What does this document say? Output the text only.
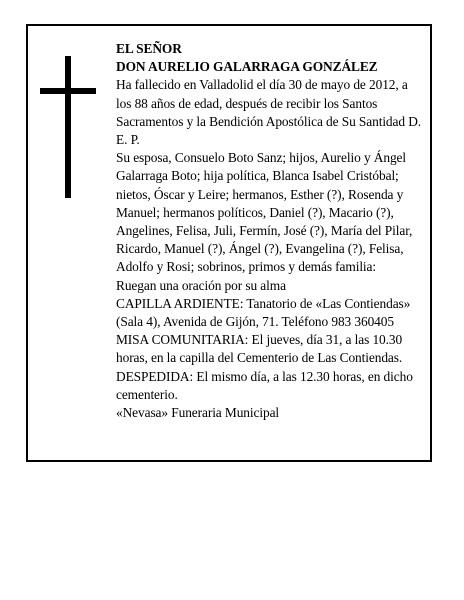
EL SEÑOR

DON AURELIO GALARRAGA GONZÁLEZ

Ha fallecido en Valladolid el día 30 de mayo de 2012, a los 88 años de edad, después de recibir los Santos Sacramentos y la Bendición Apostólica de Su Santidad D. E. P.

Su esposa, Consuelo Boto Sanz; hijos, Aurelio y Ángel Galarraga Boto; hija política, Blanca Isabel Cristóbal; nietos, Óscar y Leire; hermanos, Esther (?), Rosenda y Manuel; hermanos políticos, Daniel (?), Macario (?), Angelines, Felisa, Juli, Fermín, José (?), María del Pilar, Ricardo, Manuel (?), Ángel (?), Evangelina (?), Felisa, Adolfo y Rosi; sobrinos, primos y demás familia:

Ruegan una oración por su alma

CAPILLA ARDIENTE: Tanatorio de «Las Contiendas» (Sala 4), Avenida de Gijón, 71. Teléfono 983 360405

MISA COMUNITARIA: El jueves, día 31, a las 10.30 horas, en la capilla del Cementerio de Las Contiendas.

DESPEDIDA: El mismo día, a las 12.30 horas, en dicho cementerio.

«Nevasa» Funeraria Municipal
